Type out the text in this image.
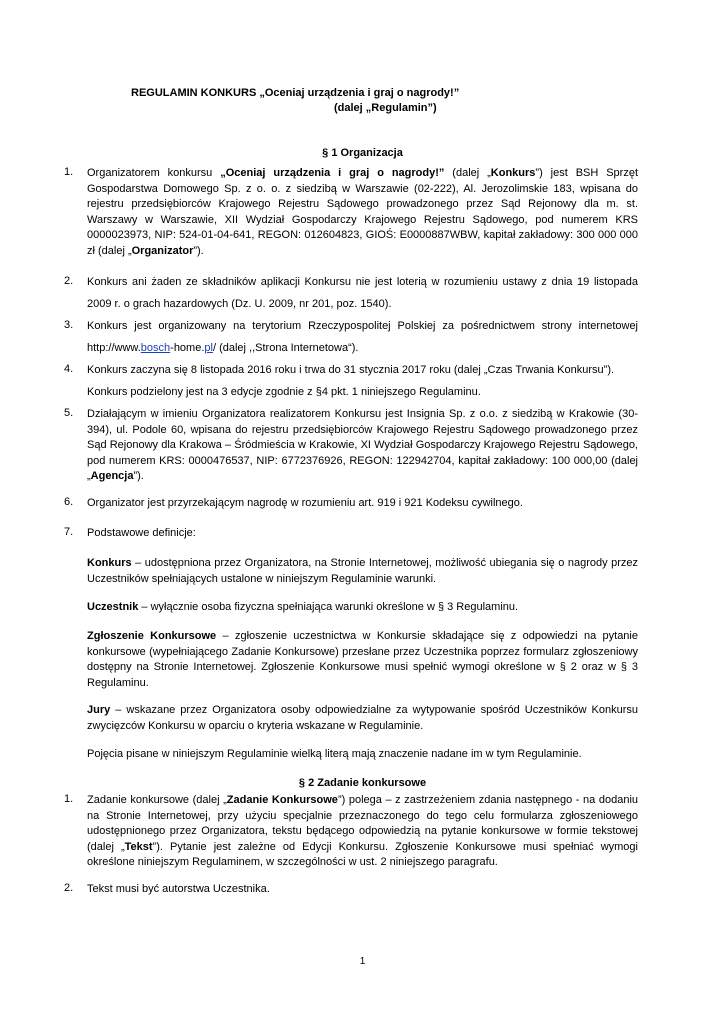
REGULAMIN KONKURS „Oceniaj urządzenia i graj o nagrody!”
(dalej „Regulamin”)
§ 1 Organizacja
1. Organizatorem konkursu „Oceniaj urządzenia i graj o nagrody!” (dalej „Konkurs”) jest BSH Sprzęt Gospodarstwa Domowego Sp. z o. o. z siedzibą w Warszawie (02-222), Al. Jerozolimskie 183, wpisana do rejestru przedsiębiorców Krajowego Rejestru Sądowego prowadzonego przez Sąd Rejonowy dla m. st. Warszawy w Warszawie, XII Wydział Gospodarczy Krajowego Rejestru Sądowego, pod numerem KRS 0000023973, NIP: 524-01-04-641, REGON: 012604823, GIOŚ: E0000887WBW, kapitał zakładowy: 300 000 000 zł (dalej „Organizator”).
2. Konkurs ani żaden ze składników aplikacji Konkursu nie jest loterią w rozumieniu ustawy z dnia 19 listopada 2009 r. o grach hazardowych (Dz. U. 2009, nr 201, poz. 1540).
3. Konkurs jest organizowany na terytorium Rzeczypospolitej Polskiej za pośrednictwem strony internetowej
http://www.bosch-home.pl/ (dalej ,,Strona Internetowa“).
4. Konkurs zaczyna się 8 listopada 2016 roku i trwa do 31 stycznia 2017 roku (dalej „Czas Trwania Konkursu”).
Konkurs podzielony jest na 3 edycje zgodnie z §4 pkt. 1 niniejszego Regulaminu.
5. Działającym w imieniu Organizatora realizatorem Konkursu jest Insignia Sp. z o.o. z siedzibą w Krakowie (30-394), ul. Podole 60, wpisana do rejestru przedsiębiorców Krajowego Rejestru Sądowego prowadzonego przez Sąd Rejonowy dla Krakowa – Śródmieścia w Krakowie, XI Wydział Gospodarczy Krajowego Rejestru Sądowego, pod numerem KRS: 0000476537, NIP: 6772376926, REGON: 122942704, kapitał zakładowy: 100 000,00 (dalej „Agencja”).
6. Organizator jest przyrzekającym nagrodę w rozumieniu art. 919 i 921 Kodeksu cywilnego.
7. Podstawowe definicje:
Konkurs – udostępniona przez Organizatora, na Stronie Internetowej, możliwość ubiegania się o nagrody przez Uczestników spełniających ustalone w niniejszym Regulaminie warunki.
Uczestnik – wyłącznie osoba fizyczna spełniająca warunki określone w § 3 Regulaminu.
Zgłoszenie Konkursowe – zgłoszenie uczestnictwa w Konkursie składające się z odpowiedzi na pytanie konkursowe (wypełniającego Zadanie Konkursowe) przesłane przez Uczestnika poprzez formularz zgłoszeniowy dostępny na Stronie Internetowej. Zgłoszenie Konkursowe musi spełnić wymogi określone w § 2 oraz w § 3 Regulaminu.
Jury – wskazane przez Organizatora osoby odpowiedzialne za wytypowanie spośród Uczestników Konkursu zwycięzców Konkursu w oparciu o kryteria wskazane w Regulaminie.
Pojęcia pisane w niniejszym Regulaminie wielką literą mają znaczenie nadane im w tym Regulaminie.
§ 2 Zadanie konkursowe
1. Zadanie konkursowe (dalej „Zadanie Konkursowe”) polega – z zastrzeżeniem zdania następnego - na dodaniu na Stronie Internetowej, przy użyciu specjalnie przeznaczonego do tego celu formularza zgłoszeniowego udostępnionego przez Organizatora, tekstu będącego odpowiedzią na pytanie konkursowe w formie tekstowej (dalej „Tekst”). Pytanie jest zależne od Edycji Konkursu. Zgłoszenie Konkursowe musi spełniać wymogi określone niniejszym Regulaminem, w szczególności w ust. 2 niniejszego paragrafu.
2. Tekst musi być autorstwa Uczestnika.
1
